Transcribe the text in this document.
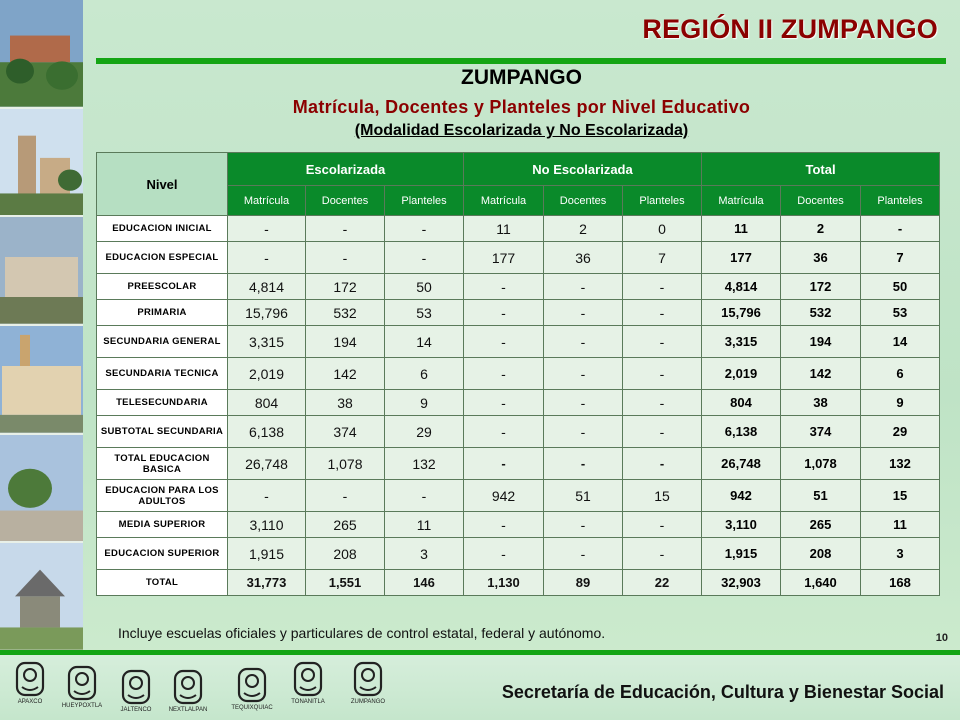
REGIÓN II ZUMPANGO
ZUMPANGO
Matrícula, Docentes y Planteles por Nivel Educativo
(Modalidad Escolarizada y No Escolarizada)
Nivel	Escolarizada			No Escolarizada			Total		
	Matrícula	Docentes	Planteles	Matrícula	Docentes	Planteles	Matrícula	Docentes	Planteles
EDUCACION INICIAL	-	-	-	11	2	0	11	2	-
EDUCACION ESPECIAL	-	-	-	177	36	7	177	36	7
PREESCOLAR	4,814	172	50	-	-	-	4,814	172	50
PRIMARIA	15,796	532	53	-	-	-	15,796	532	53
SECUNDARIA GENERAL	3,315	194	14	-	-	-	3,315	194	14
SECUNDARIA TECNICA	2,019	142	6	-	-	-	2,019	142	6
TELESECUNDARIA	804	38	9	-	-	-	804	38	9
SUBTOTAL SECUNDARIA	6,138	374	29	-	-	-	6,138	374	29
TOTAL EDUCACION BASICA	26,748	1,078	132	-	-	-	26,748	1,078	132
EDUCACION PARA LOS ADULTOS	-	-	-	942	51	15	942	51	15
MEDIA SUPERIOR	3,110	265	11	-	-	-	3,110	265	11
EDUCACION SUPERIOR	1,915	208	3	-	-	-	1,915	208	3
TOTAL	31,773	1,551	146	1,130	89	22	32,903	1,640	168
Incluye escuelas oficiales y particulares de control estatal, federal y autónomo.	10
APAXCO
HUEYPOXTLA
JALTENCO	NEXTLALPAN	TEQUIXQUIAC
TONANITLA	ZUMPANGO	Secretaría de Educación, Cultura y Bienestar Social
